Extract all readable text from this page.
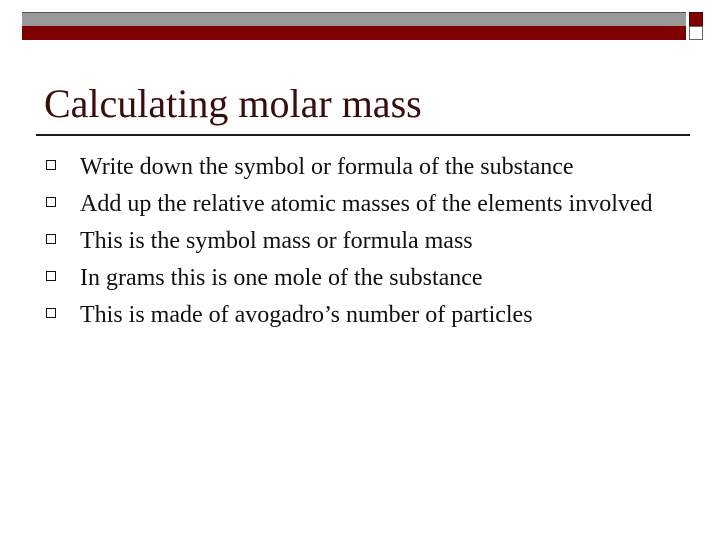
Calculating molar mass
Write down the symbol or formula of the substance
Add up the relative atomic masses of the elements involved
This is the symbol mass or formula mass
In grams this is one mole of the substance
This is made of avogadro’s number of particles
